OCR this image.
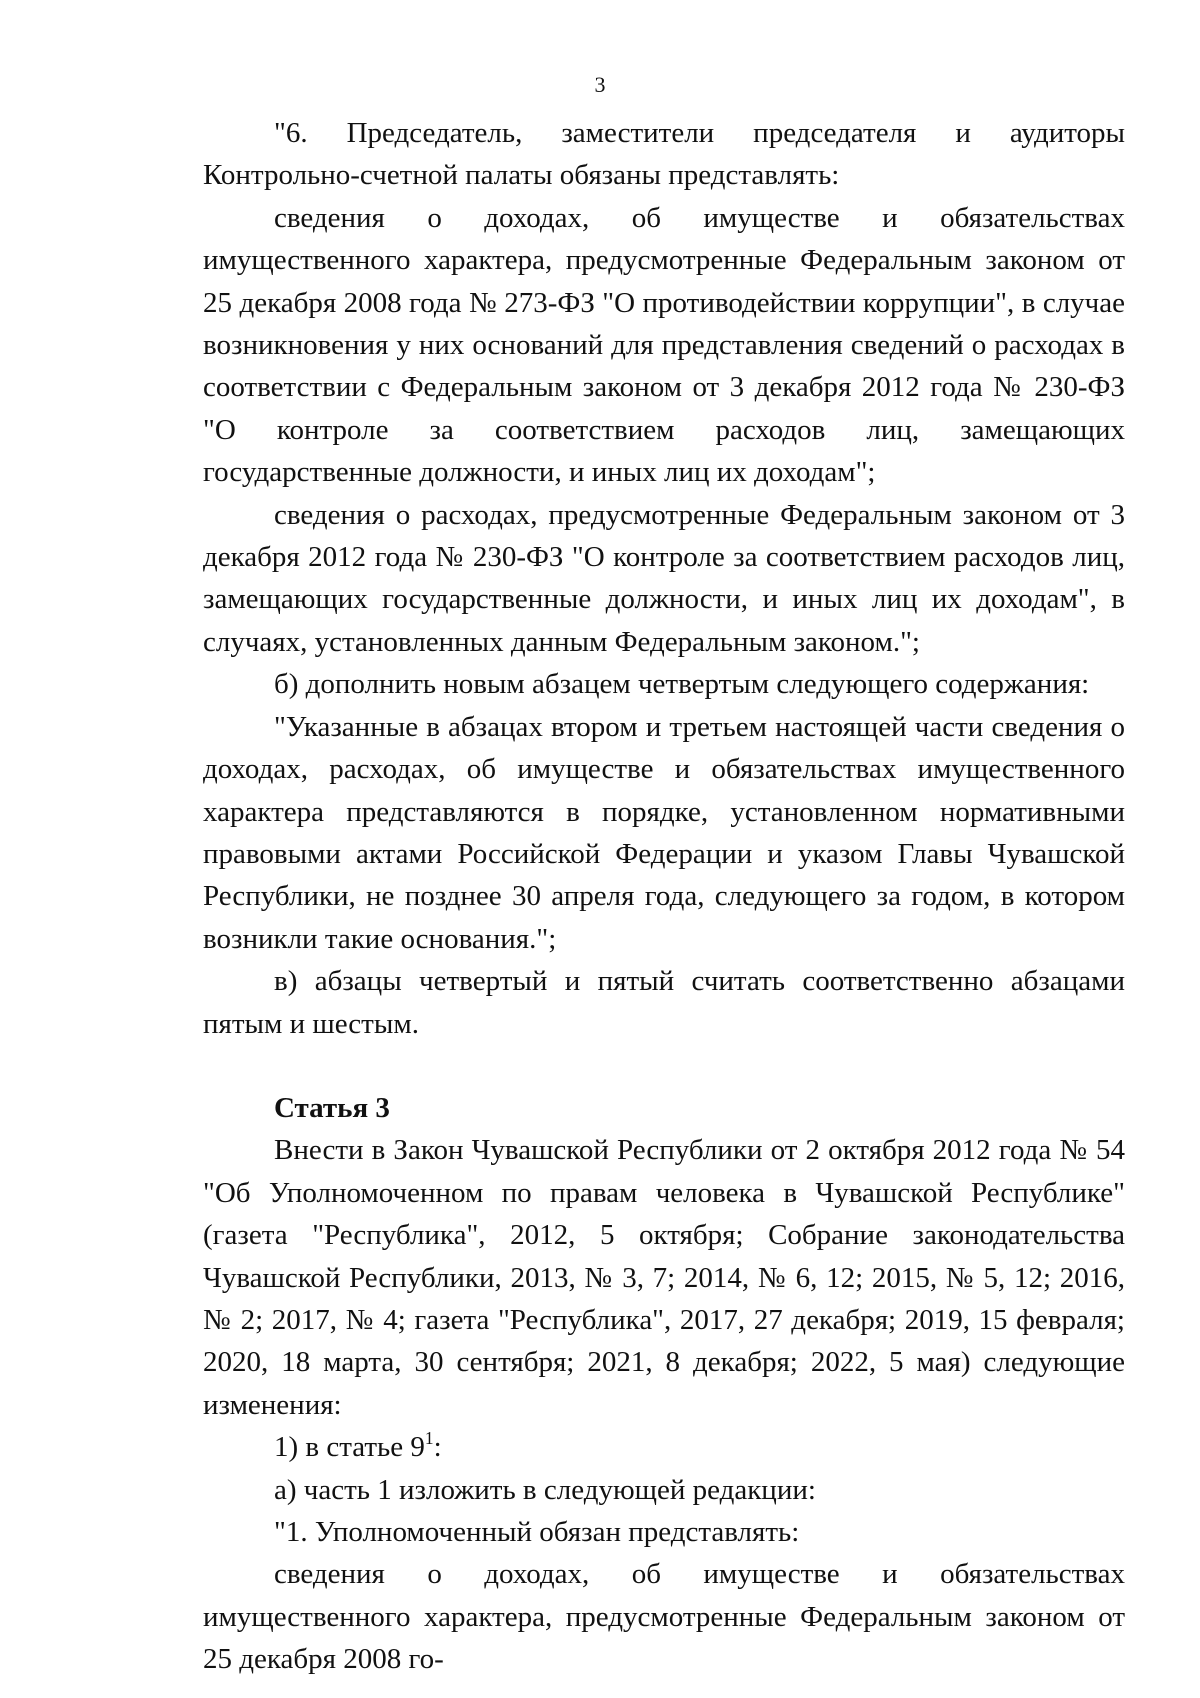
3

"6. Председатель, заместители председателя и аудиторы Контрольно-счетной палаты обязаны представлять:

сведения о доходах, об имуществе и обязательствах имущественного характера, предусмотренные Федеральным законом от 25 декабря 2008 года № 273-ФЗ "О противодействии коррупции", в случае возникновения у них оснований для представления сведений о расходах в соответствии с Федеральным законом от 3 декабря 2012 года № 230-ФЗ "О контроле за соответствием расходов лиц, замещающих государственные должности, и иных лиц их доходам";

сведения о расходах, предусмотренные Федеральным законом от 3 декабря 2012 года № 230-ФЗ "О контроле за соответствием расходов лиц, замещающих государственные должности, и иных лиц их доходам", в случаях, установленных данным Федеральным законом.";

б) дополнить новым абзацем четвертым следующего содержания:

"Указанные в абзацах втором и третьем настоящей части сведения о доходах, расходах, об имуществе и обязательствах имущественного характера представляются в порядке, установленном нормативными правовыми актами Российской Федерации и указом Главы Чувашской Республики, не позднее 30 апреля года, следующего за годом, в котором возникли такие основания.";

в) абзацы четвертый и пятый считать соответственно абзацами пятым и шестым.

Статья 3

Внести в Закон Чувашской Республики от 2 октября 2012 года № 54 "Об Уполномоченном по правам человека в Чувашской Республике" (газета "Республика", 2012, 5 октября; Собрание законодательства Чувашской Республики, 2013, № 3, 7; 2014, № 6, 12; 2015, № 5, 12; 2016, № 2; 2017, № 4; газета "Республика", 2017, 27 декабря; 2019, 15 февраля; 2020, 18 марта, 30 сентября; 2021, 8 декабря; 2022, 5 мая) следующие изменения:

1) в статье $9^1$:

а) часть 1 изложить в следующей редакции:

"1. Уполномоченный обязан представлять:

сведения о доходах, об имуществе и обязательствах имущественного характера, предусмотренные Федеральным законом от 25 декабря 2008 го-
